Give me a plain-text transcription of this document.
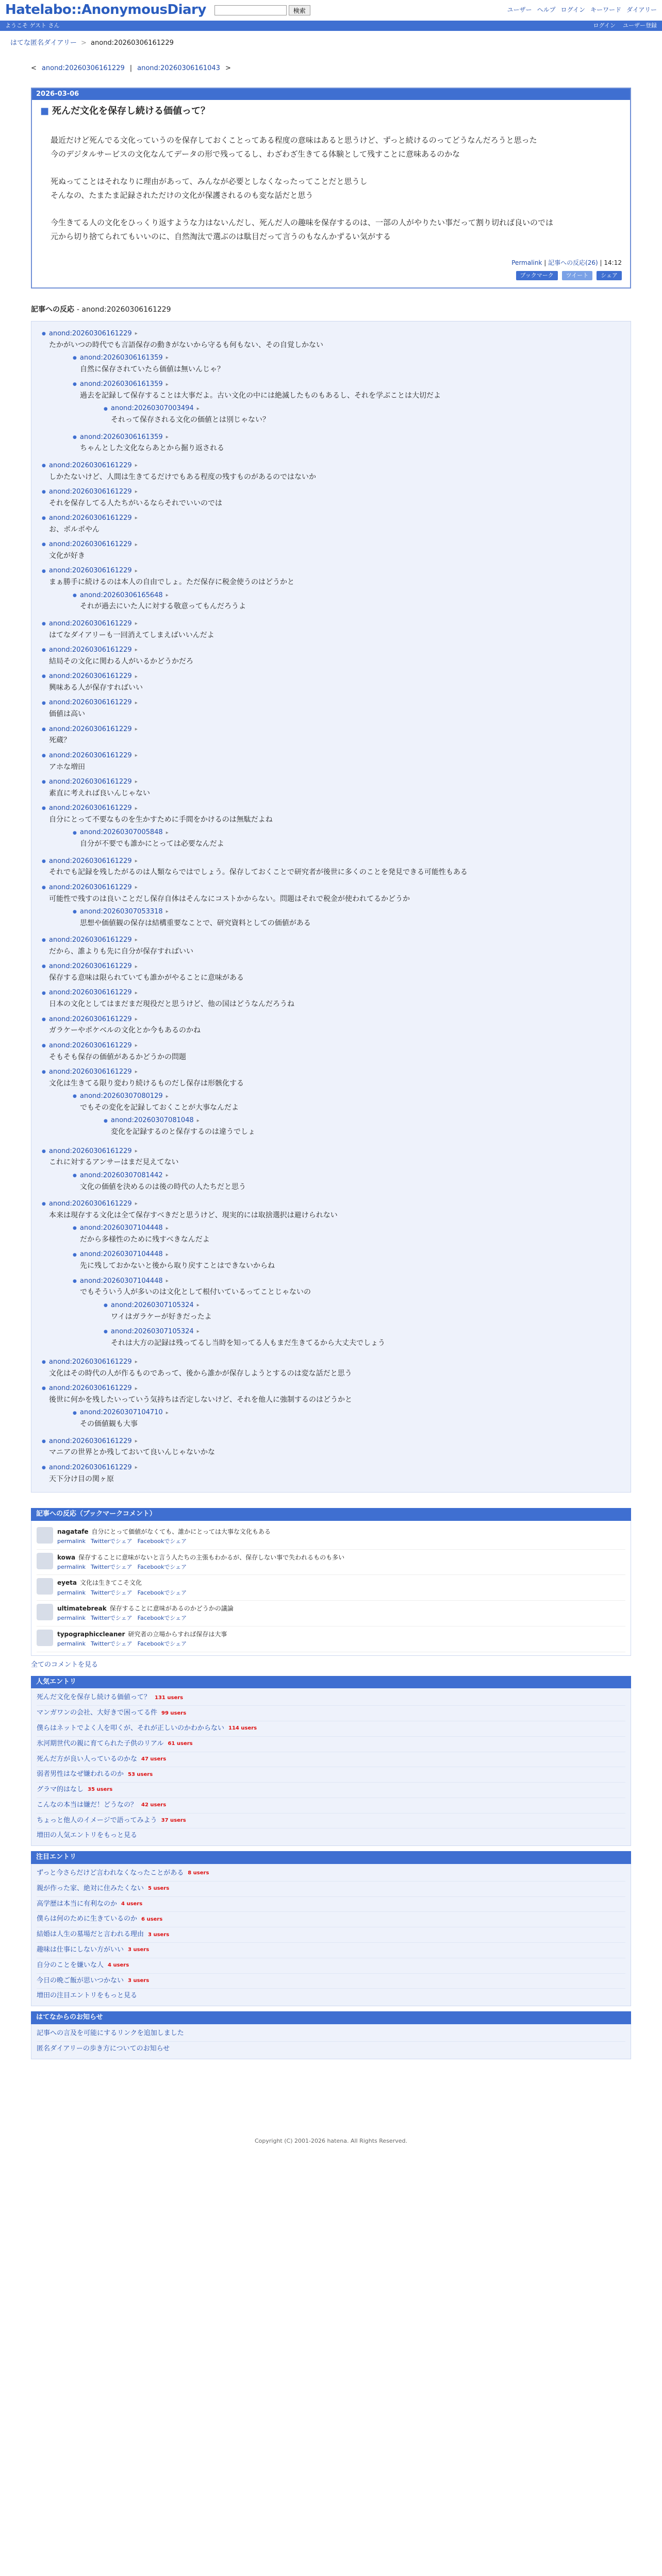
Hatelabo::AnonymousDiary	検索	ユーザー ヘルプ ログイン キーワード ダイアリー
ようこそ ゲスト さん	ログイン ユーザー登録
はてな匿名ダイアリー > anond:20260306161229
< anond:20260306161229 | anond:20260306161043 >
2026-03-06
■ 死んだ文化を保存し続ける価値って？

最近だけど死んでる文化っていうのを保存しておくことってある程度の意味はあると思うけど、ずっと続けるのってどうなんだろうと思った

今のデジタルサービスの文化なんてデータの形で残ってるし、わざわざ生きてる体験として残すことに意味あるのかな

死ぬってことはそれなりに理由があって、みんなが必要としなくなったってことだと思うし

そんなの、たまたま記録されただけの文化が保護されるのも変な話だと思う

今生きてる人の文化をひっくり返すような力はないんだし、死んだ人の趣味を保存するのは、一部の人がやりたい事だって割り切れば良いのでは

元から切り捨てられてもいいのに、自然淘汰で選ぶのは駄目だって言うのもなんかずるい気がする

Permalink | 記事への反応(26) | 14:12
ブックマーク	ツイート	シェア
記事への反応 - anond:20260306161229
● anond:20260306161229 ▸
たかがいつの時代でも言語保存の動きがないから守るも何もない、その自覚しかない
● anond:20260306161359 ▸
自然に保存されていたら価値は無いんじゃ？
● anond:20260306161359 ▸
過去を記録して保存することは大事だよ。古い文化の中には絶滅したものもあるし、それを学ぶことは大切だよ
● anond:20260307003494 ▸
それって保存される文化の価値とは別じゃない？
● anond:20260306161359 ▸
ちゃんとした文化ならあとから掘り返される
● anond:20260306161229 ▸
しかたないけど、人間は生きてるだけでもある程度の残すものがあるのではないか
● anond:20260306161229 ▸
それを保存してる人たちがいるならそれでいいのでは
● anond:20260306161229 ▸
お、ポルポやん
● anond:20260306161229 ▸
文化が好き
● anond:20260306161229 ▸
まぁ勝手に続けるのは本人の自由でしょ。ただ保存に税金使うのはどうかと
● anond:20260306165648 ▸
それが過去にいた人に対する敬意ってもんだろうよ
● anond:20260306161229 ▸
はてなダイアリーも一回消えてしまえばいいんだよ
● anond:20260306161229 ▸
結局その文化に関わる人がいるかどうかだろ
● anond:20260306161229 ▸
興味ある人が保存すればいい
● anond:20260306161229 ▸
価値は高い
● anond:20260306161229 ▸
死蔵？
● anond:20260306161229 ▸
アホな増田
● anond:20260306161229 ▸
素直に考えれば良いんじゃない
● anond:20260306161229 ▸
自分にとって不要なものを生かすために手間をかけるのは無駄だよね
● anond:20260307005848 ▸
自分が不要でも誰かにとっては必要なんだよ
● anond:20260306161229 ▸
それでも記録を残したがるのは人類ならではでしょう。保存しておくことで研究者が後世に多くのことを発見できる可能性もある
● anond:20260306161229 ▸
可能性で残すのは良いことだし保存自体はそんなにコストかからない。問題はそれで税金が使われてるかどうか
● anond:20260307053318 ▸
思想や価値観の保存は結構重要なことで、研究資料としての価値がある
● anond:20260306161229 ▸
だから、誰よりも先に自分が保存すればいい
● anond:20260306161229 ▸
保存する意味は限られていても誰かがやることに意味がある
● anond:20260306161229 ▸
日本の文化としてはまだまだ現役だと思うけど、他の国はどうなんだろうね
● anond:20260306161229 ▸
ガラケーやポケベルの文化とか今もあるのかね
● anond:20260306161229 ▸
そもそも保存の価値があるかどうかの問題
● anond:20260306161229 ▸
文化は生きてる限り変わり続けるものだし保存は形骸化する
● anond:20260307080129 ▸
でもその変化を記録しておくことが大事なんだよ
● anond:20260307081048 ▸
変化を記録するのと保存するのは違うでしょ
● anond:20260306161229 ▸
これに対するアンサーはまだ見えてない
● anond:20260307081442 ▸
文化の価値を決めるのは後の時代の人たちだと思う
● anond:20260306161229 ▸
本来は現存する文化は全て保存すべきだと思うけど、現実的には取捨選択は避けられない
● anond:20260307104448 ▸
だから多様性のために残すべきなんだよ
● anond:20260307104448 ▸
先に残しておかないと後から取り戻すことはできないからね
● anond:20260307104448 ▸
でもそういう人が多いのは文化として根付いているってことじゃないの
● anond:20260307105324 ▸
ワイはガラケーが好きだったよ
● anond:20260307105324 ▸
それは大方の記録は残ってるし当時を知ってる人もまだ生きてるから大丈夫でしょう
● anond:20260306161229 ▸
文化はその時代の人が作るものであって、後から誰かが保存しようとするのは変な話だと思う
● anond:20260306161229 ▸
後世に何かを残したいっていう気持ちは否定しないけど、それを他人に強制するのはどうかと
● anond:20260307104710 ▸
その価値観も大事
● anond:20260306161229 ▸
マニアの世界とか残しておいて良いんじゃないかな
● anond:20260306161229 ▸
天下分け目の関ヶ原
記事への反応（ブックマークコメント）
nagatafe 自分にとって価値がなくても、誰かにとっては大事な文化もある
permalink Twitterでシェア Facebookでシェア
kowa 保存することに意味がないと言う人たちの主張もわかるが、保存しない事で失われるものも多い
permalink Twitterでシェア Facebookでシェア
eyeta 文化は生きてこそ文化
permalink Twitterでシェア Facebookでシェア
ultimatebreak 保存することに意味があるのかどうかの議論
permalink Twitterでシェア Facebookでシェア
typographiccleaner 研究者の立場からすれば保存は大事
permalink Twitterでシェア Facebookでシェア
全てのコメントを見る
人気エントリ
死んだ文化を保存し続ける価値って？ 131 users
マンガワンの会社、大好きで困ってる件 99 users
僕らはネットでよく人を叩くが、それが正しいのかわからない 114 users
氷河期世代の親に育てられた子供のリアル 61 users
死んだ方が良い人っているのかな 47 users
弱者男性はなぜ嫌われるのか 53 users
グラマ的はなし 35 users
こんなの本当は嫌だ！どうなの？ 42 users
ちょっと他人のイメージで語ってみよう 37 users
増田の人気エントリをもっと見る
注目エントリ
ずっと今さらだけど言われなくなったことがある 8 users
親が作った家、絶対に住みたくない 5 users
高学歴は本当に有利なのか 4 users
僕らは何のために生きているのか 6 users
結婚は人生の墓場だと言われる理由 3 users
趣味は仕事にしない方がいい 3 users
自分のことを嫌いな人 4 users
今日の晩ご飯が思いつかない 3 users
増田の注目エントリをもっと見る
はてなからのお知らせ
記事への言及を可能にするリンクを追加しました
匿名ダイアリーの歩き方についてのお知らせ
Copyright (C) 2001-2026 hatena. All Rights Reserved.
